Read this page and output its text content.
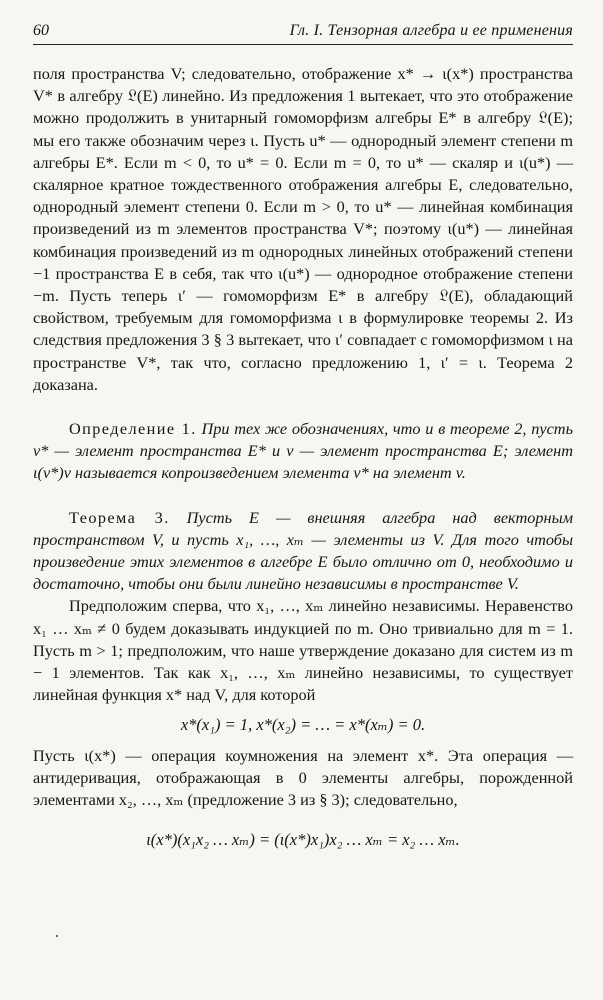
60	Гл. I. Тензорная алгебра и ее применения

поля пространства V; следовательно, отображение x* → ι(x*) пространства V* в алгебру 𝔏(E) линейно. Из предложения 1 вытекает, что это отображение можно продолжить в унитарный гомоморфизм алгебры E* в алгебру 𝔏(E); мы его также обозначим через ι. Пусть u* — однородный элемент степени m алгебры E*. Если m < 0, то u* = 0. Если m = 0, то u* — скаляр и ι(u*) — скалярное кратное тождественного отображения алгебры E, следовательно, однородный элемент степени 0. Если m > 0, то u* — линейная комбинация произведений из m элементов пространства V*; поэтому ι(u*) — линейная комбинация произведений из m однородных линейных отображений степени −1 пространства E в себя, так что ι(u*) — однородное отображение степени −m. Пусть теперь ι′ — гомоморфизм E* в алгебру 𝔏(E), обладающий свойством, требуемым для гомоморфизма ι в формулировке теоремы 2. Из следствия предложения 3 § 3 вытекает, что ι′ совпадает с гомоморфизмом ι на пространстве V*, так что, согласно предложению 1, ι′ = ι. Теорема 2 доказана.

Определение 1. При тех же обозначениях, что и в теореме 2, пусть v* — элемент пространства E* и v — элемент пространства E; элемент ι(v*)v называется копроизведением элемента v* на элемент v.

Теорема 3. Пусть E — внешняя алгебра над векторным пространством V, и пусть x₁, …, xₘ — элементы из V. Для того чтобы произведение этих элементов в алгебре E было отлично от 0, необходимо и достаточно, чтобы они были линейно независимы в пространстве V.

Предположим сперва, что x₁, …, xₘ линейно независимы. Неравенство x₁ … xₘ ≠ 0 будем доказывать индукцией по m. Оно тривиально для m = 1. Пусть m > 1; предположим, что наше утверждение доказано для систем из m − 1 элементов. Так как x₁, …, xₘ линейно независимы, то существует линейная функция x* над V, для которой

x*(x₁) = 1, x*(x₂) = … = x*(xₘ) = 0.

Пусть ι(x*) — операция коумножения на элемент x*. Эта операция — антидеривация, отображающая в 0 элементы алгебры, порожденной элементами x₂, …, xₘ (предложение 3 из § 3); следовательно,

ι(x*)(x₁x₂ … xₘ) = (ι(x*)x₁)x₂ … xₘ = x₂ … xₘ.
